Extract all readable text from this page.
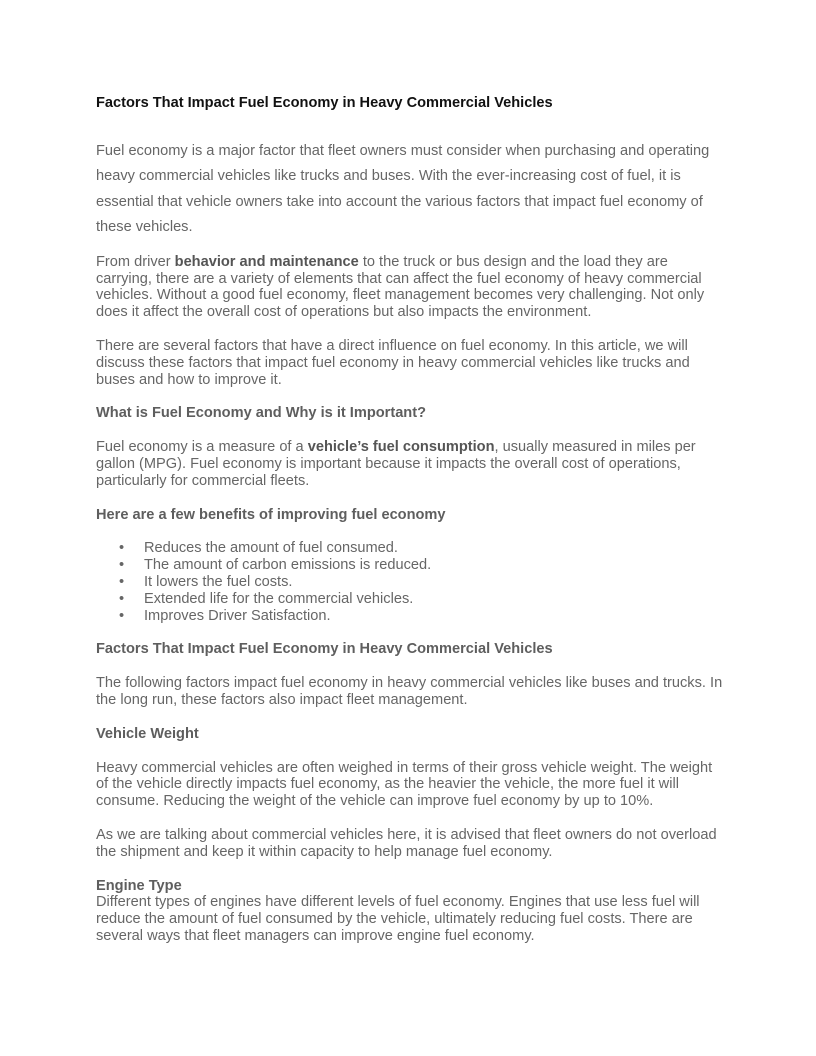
Factors That Impact Fuel Economy in Heavy Commercial Vehicles

Fuel economy is a major factor that fleet owners must consider when purchasing and operating heavy commercial vehicles like trucks and buses. With the ever-increasing cost of fuel, it is essential that vehicle owners take into account the various factors that impact fuel economy of these vehicles.

From driver behavior and maintenance to the truck or bus design and the load they are carrying, there are a variety of elements that can affect the fuel economy of heavy commercial vehicles. Without a good fuel economy, fleet management becomes very challenging. Not only does it affect the overall cost of operations but also impacts the environment.

There are several factors that have a direct influence on fuel economy. In this article, we will discuss these factors that impact fuel economy in heavy commercial vehicles like trucks and buses and how to improve it.

What is Fuel Economy and Why is it Important?

Fuel economy is a measure of a vehicle’s fuel consumption, usually measured in miles per gallon (MPG). Fuel economy is important because it impacts the overall cost of operations, particularly for commercial fleets.

Here are a few benefits of improving fuel economy
• Reduces the amount of fuel consumed.
• The amount of carbon emissions is reduced.
• It lowers the fuel costs.
• Extended life for the commercial vehicles.
• Improves Driver Satisfaction.
Factors That Impact Fuel Economy in Heavy Commercial Vehicles

The following factors impact fuel economy in heavy commercial vehicles like buses and trucks. In the long run, these factors also impact fleet management.

Vehicle Weight

Heavy commercial vehicles are often weighed in terms of their gross vehicle weight. The weight of the vehicle directly impacts fuel economy, as the heavier the vehicle, the more fuel it will consume. Reducing the weight of the vehicle can improve fuel economy by up to 10%.

As we are talking about commercial vehicles here, it is advised that fleet owners do not overload the shipment and keep it within capacity to help manage fuel economy.

Engine Type

Different types of engines have different levels of fuel economy. Engines that use less fuel will reduce the amount of fuel consumed by the vehicle, ultimately reducing fuel costs. There are several ways that fleet managers can improve engine fuel economy.
